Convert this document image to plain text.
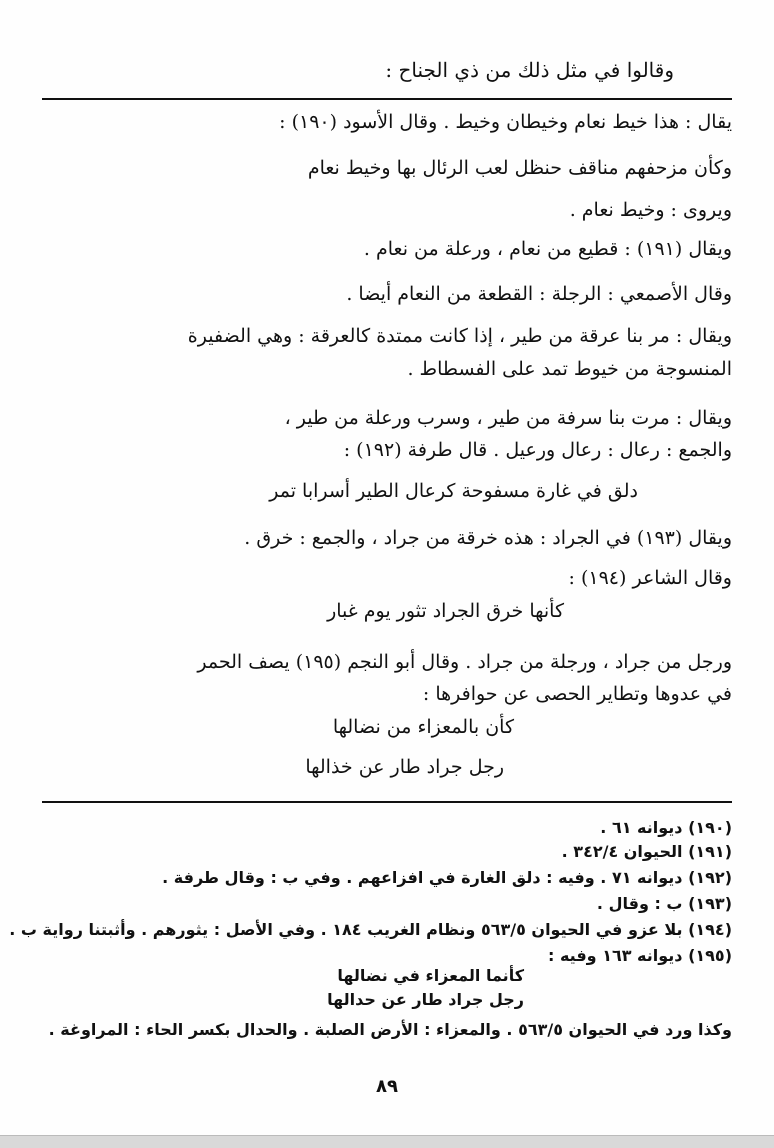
وقالوا في مثل ذلك من ذي الجناح :
يقال : هذا خيط نعام وخيطان وخيط . وقال الأسود (١٩٠) :
وكأن مزحفهم مناقف حنظل لعب الرئال بها وخيط نعام
ويروى : وخيط نعام .
ويقال (١٩١) : قطيع من نعام ، ورعلة من نعام .
وقال الأصمعي : الرجلة : القطعة من النعام أيضا .
ويقال : مر بنا عرقة من طير ، إذا كانت ممتدة كالعرقة : وهي الضفيرة
المنسوجة من خيوط تمد على الفسطاط .
ويقال : مرت بنا سرفة من طير ، وسرب ورعلة من طير ،
والجمع : رعال : رعال ورعيل . قال طرفة (١٩٢) :
دلق في غارة مسفوحة كرعال الطير أسرابا تمر
ويقال (١٩٣) في الجراد : هذه خرقة من جراد ، والجمع : خرق .
وقال الشاعر (١٩٤) :
كأنها خرق الجراد تثور يوم غبار
ورجل من جراد ، ورجلة من جراد . وقال أبو النجم (١٩٥) يصف الحمر
في عدوها وتطاير الحصى عن حوافرها :
كأن بالمعزاء من نضالها
رجل جراد طار عن خذالها
(١٩٠) ديوانه ٦١ .
(١٩١) الحيوان ٣٤٢/٤ .
(١٩٢) ديوانه ٧١ . وفيه : دلق الغارة في افزاعهم . وفي ب : وقال طرفة .
(١٩٣) ب : وقال .
(١٩٤) بلا عزو في الحيوان ٥٦٣/٥ ونظام الغريب ١٨٤ . وفي الأصل : يثورهم . وأثبتنا رواية ب .
(١٩٥) ديوانه ١٦٣ وفيه :
كأنما المعزاء في نضالها
رجل جراد طار عن حدالها
وكذا ورد في الحيوان ٥٦٣/٥ . والمعزاء : الأرض الصلبة . والحدال بكسر الحاء : المراوغة .
٨٩
